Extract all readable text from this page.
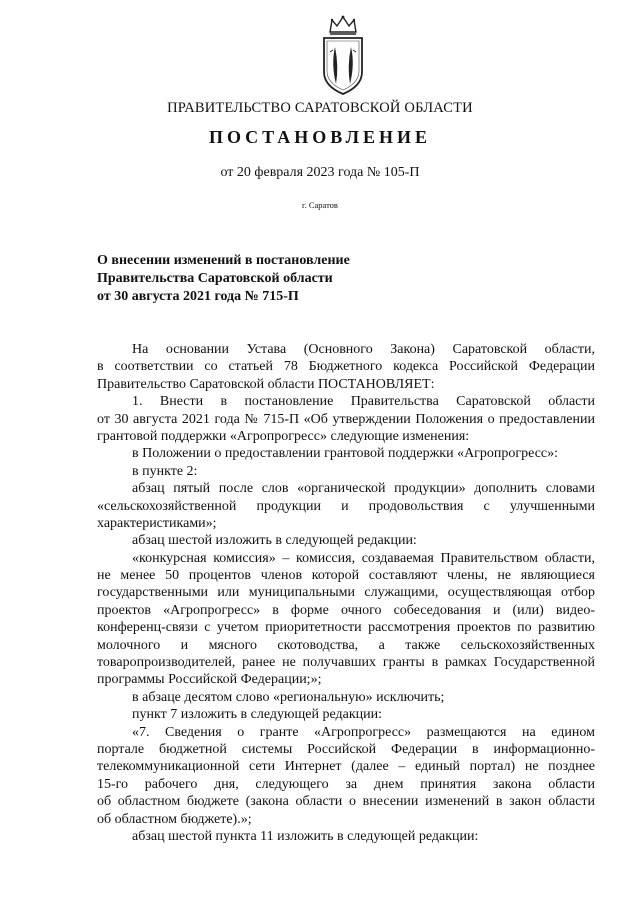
ПРАВИТЕЛЬСТВО САРАТОВСКОЙ ОБЛАСТИ
ПОСТАНОВЛЕНИЕ
от 20 февраля 2023 года № 105-П
г. Саратов
О внесении изменений в постановление
Правительства Саратовской области
от 30 августа 2021 года № 715-П
На основании Устава (Основного Закона) Саратовской области,
в соответствии со статьей 78 Бюджетного кодекса Российской Федерации
Правительство Саратовской области ПОСТАНОВЛЯЕТ:
1. Внести в постановление Правительства Саратовской области
от 30 августа 2021 года № 715-П «Об утверждении Положения о предоставлении
грантовой поддержки «Агропрогресс» следующие изменения:
в Положении о предоставлении грантовой поддержки «Агропрогресс»:
в пункте 2:
абзац пятый после слов «органической продукции» дополнить словами
«сельскохозяйственной продукции и продовольствия с улучшенными
характеристиками»;
абзац шестой изложить в следующей редакции:
«конкурсная комиссия» – комиссия, создаваемая Правительством области,
не менее 50 процентов членов которой составляют члены, не являющиеся
государственными или муниципальными служащими, осуществляющая отбор
проектов «Агропрогресс» в форме очного собеседования и (или) видео-
конференц-связи с учетом приоритетности рассмотрения проектов по развитию
молочного и мясного скотоводства, а также сельскохозяйственных
товаропроизводителей, ранее не получавших гранты в рамках Государственной
программы Российской Федерации;»;
в абзаце десятом слово «региональную» исключить;
пункт 7 изложить в следующей редакции:
«7. Сведения о гранте «Агропрогресс» размещаются на едином
портале бюджетной системы Российской Федерации в информационно-
телекоммуникационной сети Интернет (далее – единый портал) не позднее
15-го рабочего дня, следующего за днем принятия закона области
об областном бюджете (закона области о внесении изменений в закон области
об областном бюджете).»;
абзац шестой пункта 11 изложить в следующей редакции:
